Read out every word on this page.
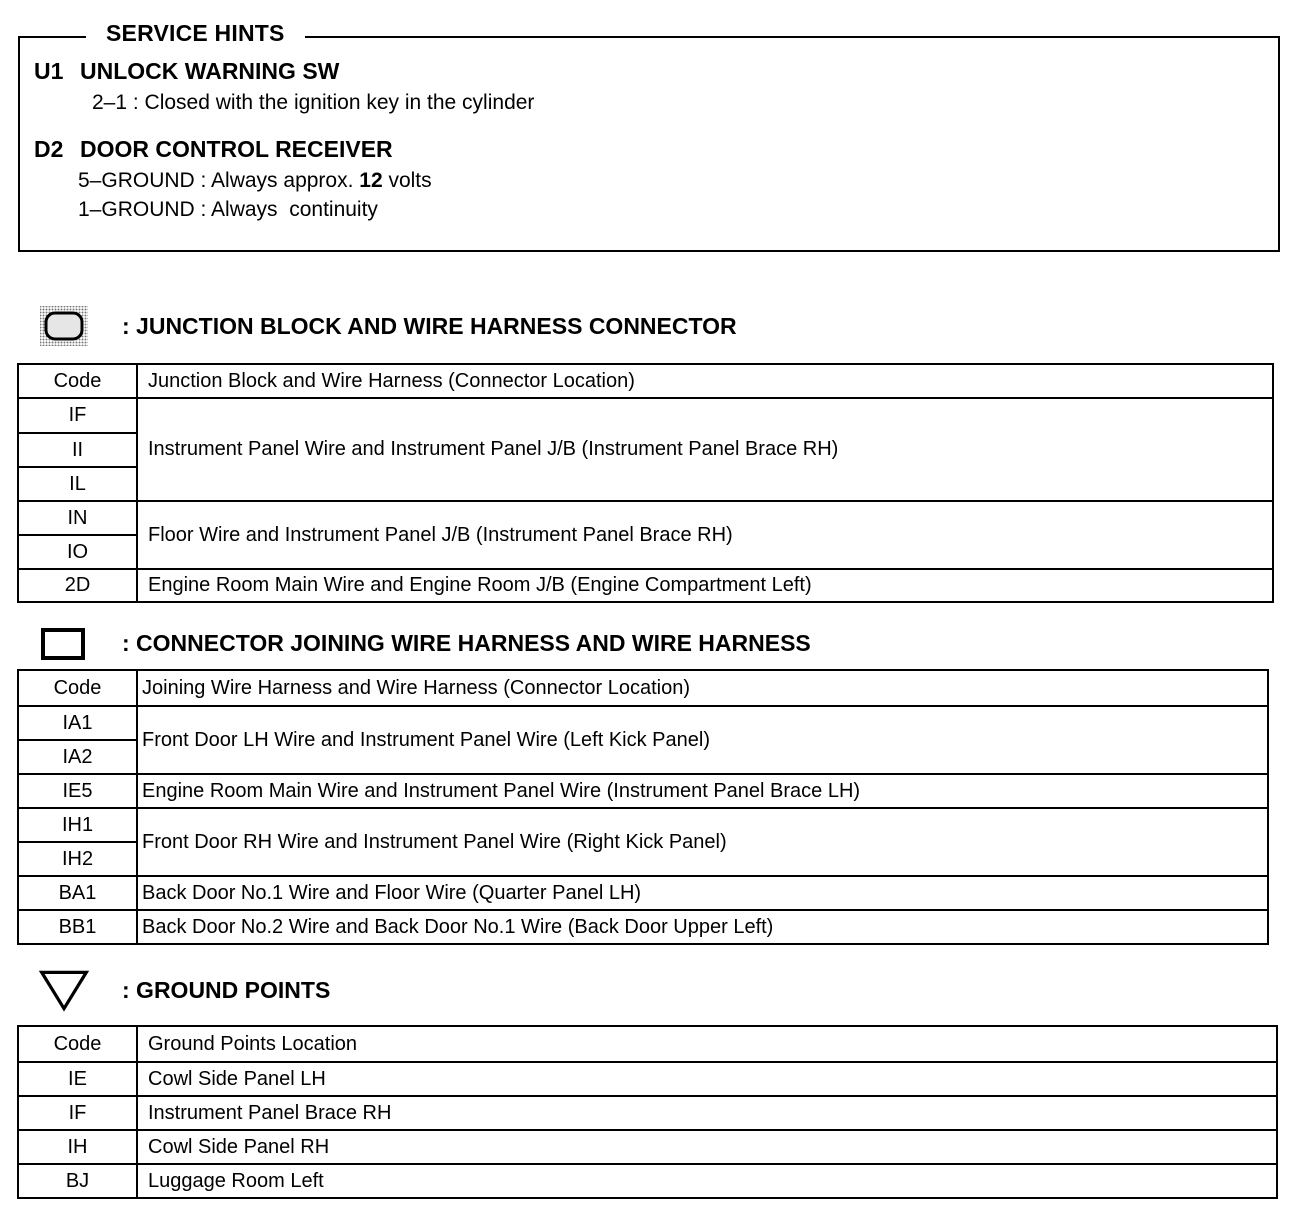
SERVICE HINTS
U1 UNLOCK WARNING SW
2–1 : Closed with the ignition key in the cylinder
D2 DOOR CONTROL RECEIVER
5–GROUND : Always approx. 12 volts
1–GROUND : Always  continuity
: JUNCTION BLOCK AND WIRE HARNESS CONNECTOR
Code	Junction Block and Wire Harness (Connector Location)
IF	Instrument Panel Wire and Instrument Panel J/B (Instrument Panel Brace RH)
II	
IL	
IN	Floor Wire and Instrument Panel J/B (Instrument Panel Brace RH)
IO	
2D	Engine Room Main Wire and Engine Room J/B (Engine Compartment Left)
: CONNECTOR JOINING WIRE HARNESS AND WIRE HARNESS
Code	Joining Wire Harness and Wire Harness (Connector Location)
IA1	Front Door LH Wire and Instrument Panel Wire (Left Kick Panel)
IA2	
IE5	Engine Room Main Wire and Instrument Panel Wire (Instrument Panel Brace LH)
IH1	Front Door RH Wire and Instrument Panel Wire (Right Kick Panel)
IH2	
BA1	Back Door No.1 Wire and Floor Wire (Quarter Panel LH)
BB1	Back Door No.2 Wire and Back Door No.1 Wire (Back Door Upper Left)
: GROUND POINTS
Code	Ground Points Location
IE	Cowl Side Panel LH
IF	Instrument Panel Brace RH
IH	Cowl Side Panel RH
BJ	Luggage Room Left
